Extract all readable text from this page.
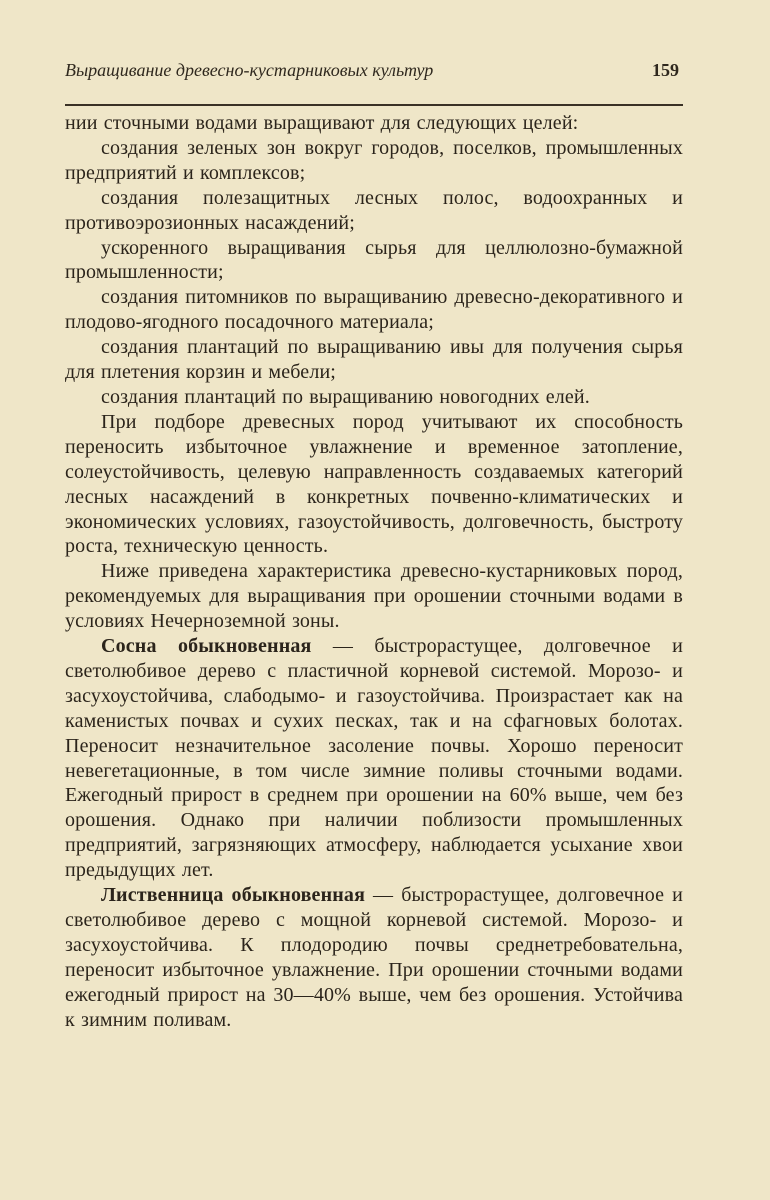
Выращивание древесно-кустарниковых культур	159

нии сточными водами выращивают для следующих целей:

создания зеленых зон вокруг городов, поселков, промышленных предприятий и комплексов;

создания полезащитных лесных полос, водоохранных и противоэрозионных насаждений;

ускоренного выращивания сырья для целлюлозно-бумажной промышленности;

создания питомников по выращиванию древесно-декоративного и плодово-ягодного посадочного материала;

создания плантаций по выращиванию ивы для получения сырья для плетения корзин и мебели;

создания плантаций по выращиванию новогодних елей.

При подборе древесных пород учитывают их способность переносить избыточное увлажнение и временное затопление, солеустойчивость, целевую направленность создаваемых категорий лесных насаждений в конкретных почвенно-климатических и экономических условиях, газоустойчивость, долговечность, быстроту роста, техническую ценность.

Ниже приведена характеристика древесно-кустарниковых пород, рекомендуемых для выращивания при орошении сточными водами в условиях Нечерноземной зоны.

Сосна обыкновенная — быстрорастущее, долговечное и светолюбивое дерево с пластичной корневой системой. Морозо- и засухоустойчива, слабодымо- и газоустойчива. Произрастает как на каменистых почвах и сухих песках, так и на сфагновых болотах. Переносит незначительное засоление почвы. Хорошо переносит невегетационные, в том числе зимние поливы сточными водами. Ежегодный прирост в среднем при орошении на 60% выше, чем без орошения. Однако при наличии поблизости промышленных предприятий, загрязняющих атмосферу, наблюдается усыхание хвои предыдущих лет.

Лиственница обыкновенная — быстрорастущее, долговечное и светолюбивое дерево с мощной корневой системой. Морозо- и засухоустойчива. К плодородию почвы среднетребовательна, переносит избыточное увлажнение. При орошении сточными водами ежегодный прирост на 30—40% выше, чем без орошения. Устойчива к зимним поливам.
